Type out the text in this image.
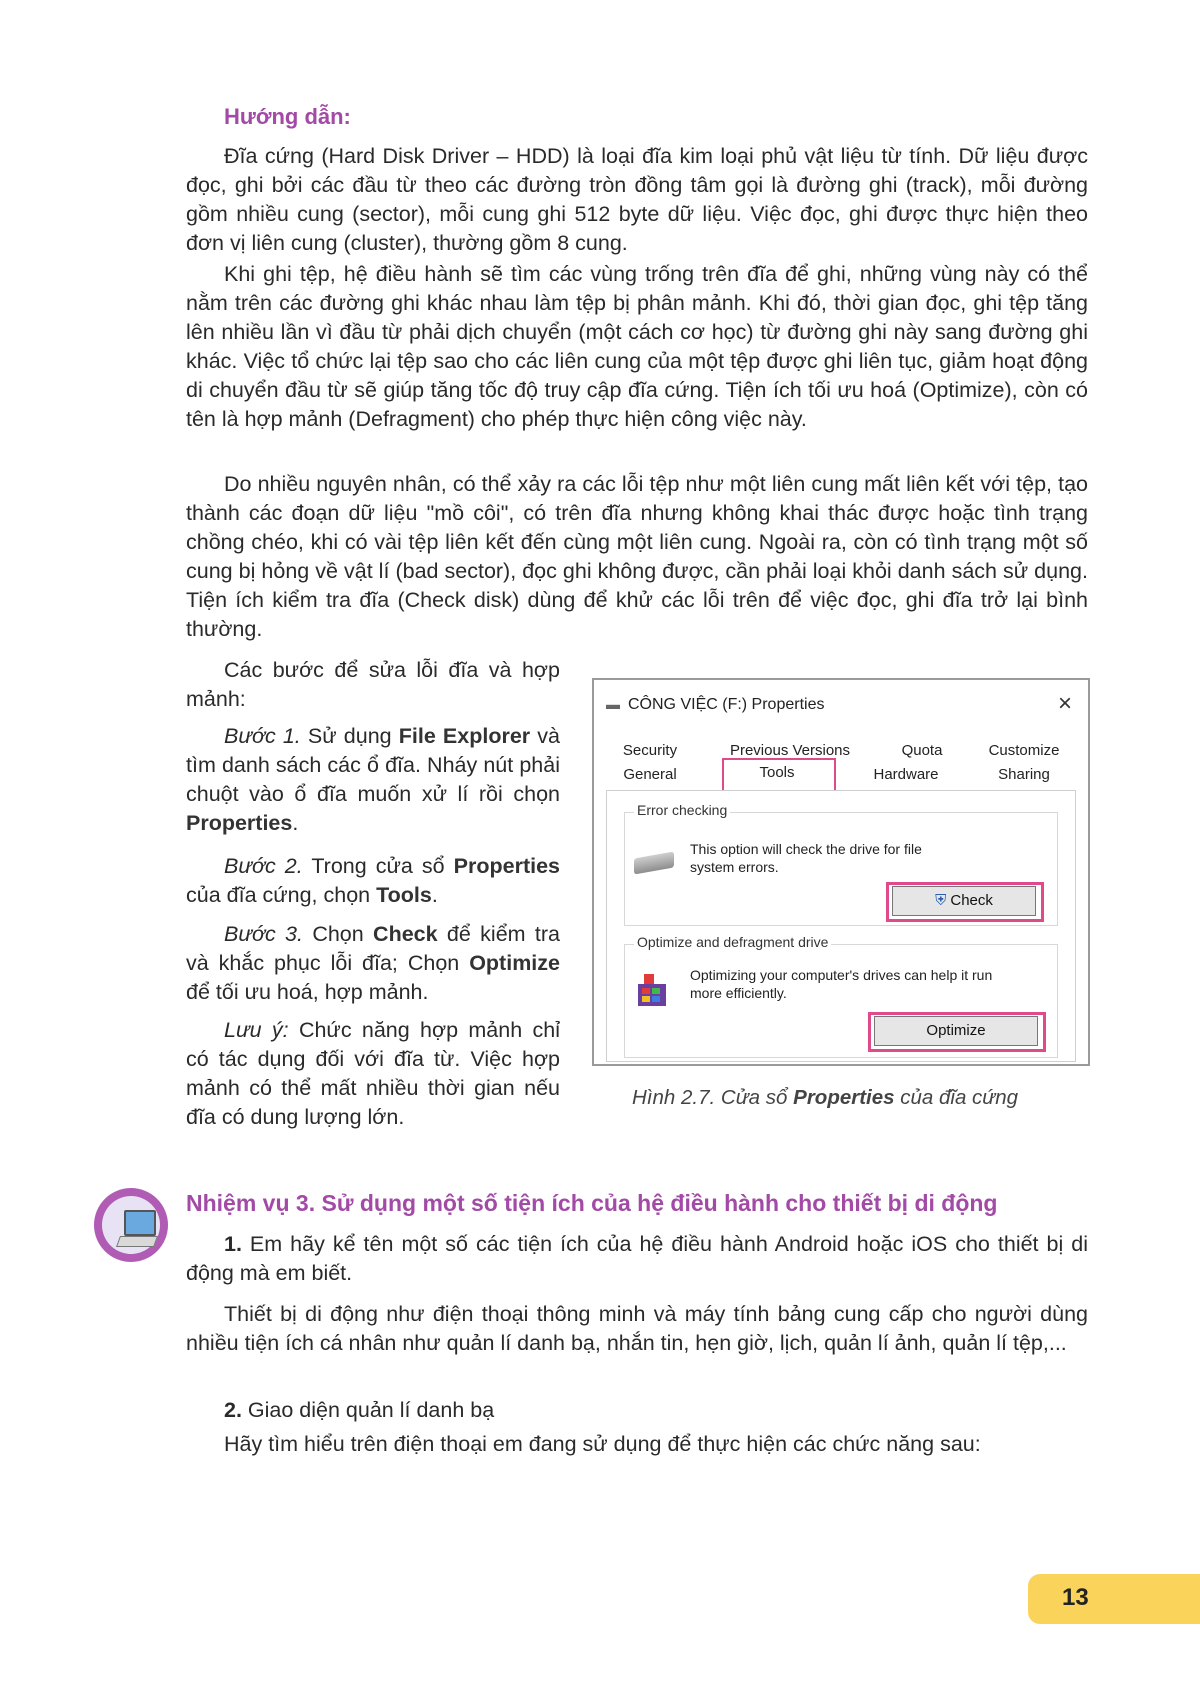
Hướng dẫn:

Đĩa cứng (Hard Disk Driver – HDD) là loại đĩa kim loại phủ vật liệu từ tính. Dữ liệu được đọc, ghi bởi các đầu từ theo các đường tròn đồng tâm gọi là đường ghi (track), mỗi đường gồm nhiều cung (sector), mỗi cung ghi 512 byte dữ liệu. Việc đọc, ghi được thực hiện theo đơn vị liên cung (cluster), thường gồm 8 cung.

Khi ghi tệp, hệ điều hành sẽ tìm các vùng trống trên đĩa để ghi, những vùng này có thể nằm trên các đường ghi khác nhau làm tệp bị phân mảnh. Khi đó, thời gian đọc, ghi tệp tăng lên nhiều lần vì đầu từ phải dịch chuyển (một cách cơ học) từ đường ghi này sang đường ghi khác. Việc tổ chức lại tệp sao cho các liên cung của một tệp được ghi liên tục, giảm hoạt động di chuyển đầu từ sẽ giúp tăng tốc độ truy cập đĩa cứng. Tiện ích tối ưu hoá (Optimize), còn có tên là hợp mảnh (Defragment) cho phép thực hiện công việc này.

Do nhiều nguyên nhân, có thể xảy ra các lỗi tệp như một liên cung mất liên kết với tệp, tạo thành các đoạn dữ liệu "mồ côi", có trên đĩa nhưng không khai thác được hoặc tình trạng chồng chéo, khi có vài tệp liên kết đến cùng một liên cung. Ngoài ra, còn có tình trạng một số cung bị hỏng về vật lí (bad sector), đọc ghi không được, cần phải loại khỏi danh sách sử dụng. Tiện ích kiểm tra đĩa (Check disk) dùng để khử các lỗi trên để việc đọc, ghi đĩa trở lại bình thường.

Các bước để sửa lỗi đĩa và hợp mảnh:

Bước 1. Sử dụng File Explorer và tìm danh sách các ổ đĩa. Nháy nút phải chuột vào ổ đĩa muốn xử lí rồi chọn Properties.

Bước 2. Trong cửa sổ Properties của đĩa cứng, chọn Tools.

Bước 3. Chọn Check để kiểm tra và khắc phục lỗi đĩa; Chọn Optimize để tối ưu hoá, hợp mảnh.

Lưu ý: Chức năng hợp mảnh chỉ có tác dụng đối với đĩa từ. Việc hợp mảnh có thể mất nhiều thời gian nếu đĩa có dung lượng lớn.

▬ CÔNG VIỆC (F:) Properties	×
Security	Previous Versions	Quota	Customize
General	Tools	Hardware	Sharing
Error checking
This option will check the drive for file system errors.
⛨ Check
Optimize and defragment drive
Optimizing your computer's drives can help it run more efficiently.
Optimize
Hình 2.7. Cửa sổ Properties của đĩa cứng
Nhiệm vụ 3. Sử dụng một số tiện ích của hệ điều hành cho thiết bị di động

1. Em hãy kể tên một số các tiện ích của hệ điều hành Android hoặc iOS cho thiết bị di động mà em biết.

Thiết bị di động như điện thoại thông minh và máy tính bảng cung cấp cho người dùng nhiều tiện ích cá nhân như quản lí danh bạ, nhắn tin, hẹn giờ, lịch, quản lí ảnh, quản lí tệp,...

2. Giao diện quản lí danh bạ

Hãy tìm hiểu trên điện thoại em đang sử dụng để thực hiện các chức năng sau:

13
